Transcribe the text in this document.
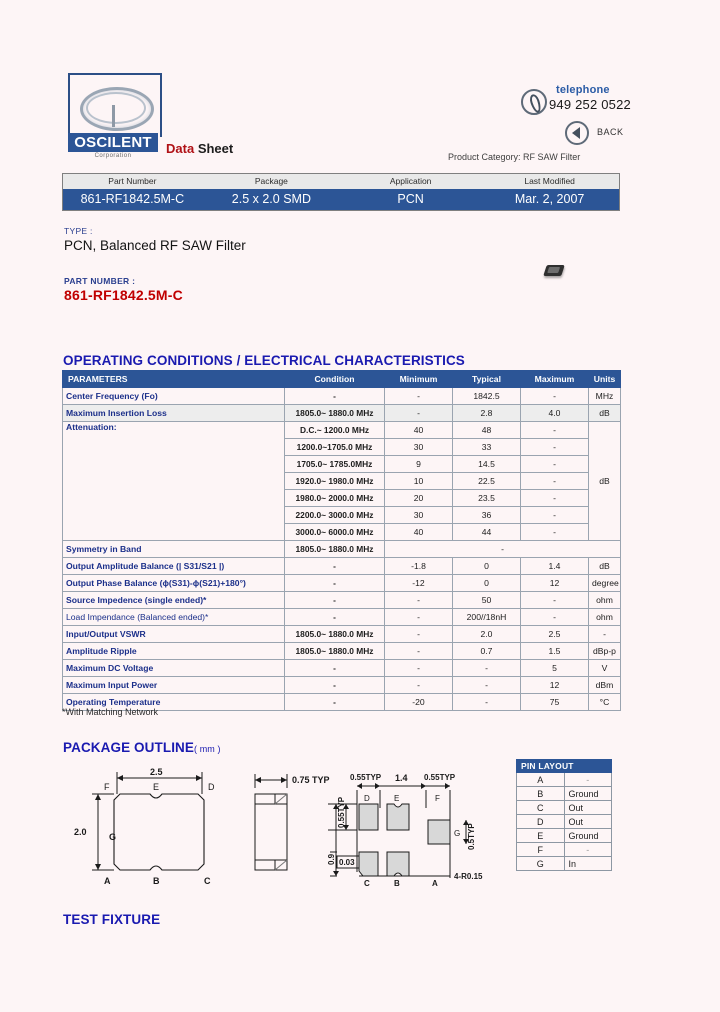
OSCILENT
Corporation	Data Sheet
telephone
949 252 0522
BACK
Product Category: RF SAW Filter
Part Number	Package	Application	Last Modified
861-RF1842.5M-C	2.5 x 2.0 SMD	PCN	Mar. 2, 2007
TYPE :
PCN, Balanced RF SAW Filter
PART NUMBER :
861-RF1842.5M-C
OPERATING CONDITIONS / ELECTRICAL CHARACTERISTICS
PARAMETERS	Condition	Minimum	Typical	Maximum	Units
Center Frequency (Fo)	-	-	1842.5	-	MHz
Maximum Insertion Loss	1805.0~ 1880.0 MHz	-	2.8	4.0	dB
Attenuation:	D.C.~ 1200.0 MHz	40	48	-	dB
	1200.0~1705.0 MHz	30	33	-	
	1705.0~ 1785.0MHz	9	14.5	-	
	1920.0~ 1980.0 MHz	10	22.5	-	
	1980.0~ 2000.0 MHz	20	23.5	-	
	2200.0~ 3000.0 MHz	30	36	-	
	3000.0~ 6000.0 MHz	40	44	-	
Symmetry in Band	1805.0~ 1880.0 MHz	-			
Output Amplitude Balance (| S31/S21 |)	-	-1.8	0	1.4	dB
Output Phase Balance (ϕ(S31)-ϕ(S21)+180°)	-	-12	0	12	degree
Source Impedence (single ended)*	-	-	50	-	ohm
Load Impendance (Balanced ended)*	-	-	200//18nH	-	ohm
Input/Output VSWR	1805.0~ 1880.0 MHz	-	2.0	2.5	-
Amplitude Ripple	1805.0~ 1880.0 MHz	-	0.7	1.5	dBp-p
Maximum DC Voltage	-	-	-	5	V
Maximum Input Power	-	-	-	12	dBm
Operating Temperature	-	-20	-	75	°C
*With Matching Network
PACKAGE OUTLINE( mm )
2.5
2.0
F	E	D
A	B	C
G
0.75 TYP	0.55TYP 1.4 0.55TYP
D	E	F
G
C	B	A
0.55TYP
0.9 0.03
0.5TYP
4-R0.15
PIN LAYOUT	
A	-
B	Ground
C	Out
D	Out
E	Ground
F	-
G	In
TEST FIXTURE
